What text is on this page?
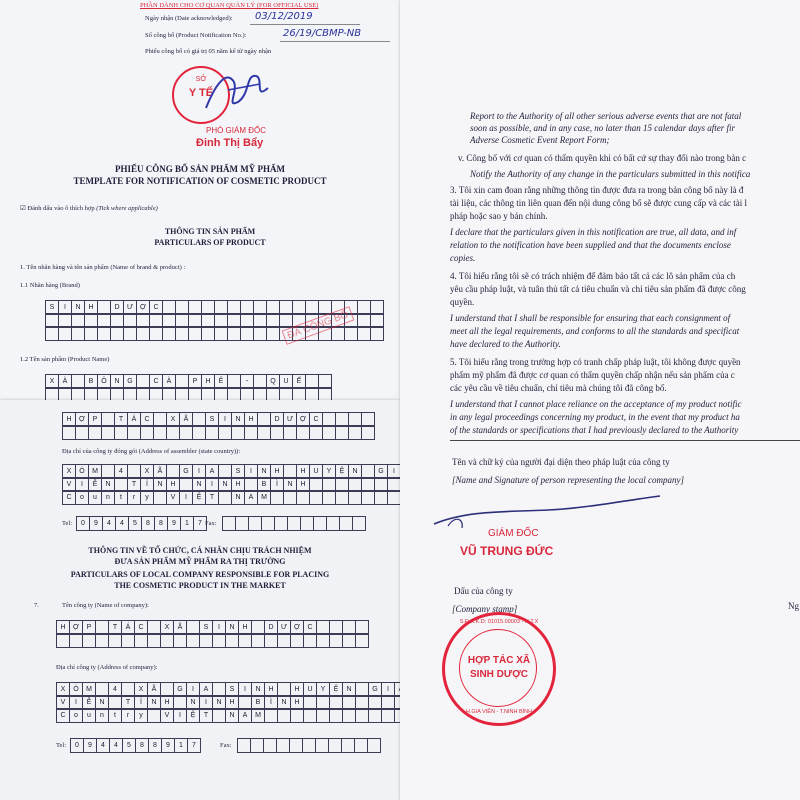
PHẦN DÀNH CHO CƠ QUAN QUẢN LÝ (FOR OFFICIAL USE)
Ngày nhận (Date acknowledged): 03/12/2019
Số công bố (Product Notification No.):	26/19/CBMP-NB
Phiếu công bố có giá trị 05 năm kể từ ngày nhận
SỞ
Y TẾ
PHÓ GIÁM ĐỐC
Đinh Thị Bẩy
PHIẾU CÔNG BỐ SẢN PHẨM MỸ PHẨM
TEMPLATE FOR NOTIFICATION OF COSMETIC PRODUCT
☑ Đánh dấu vào ô thích hợp (Tick where applicable)
THÔNG TIN SẢN PHẨM
PARTICULARS OF PRODUCT
1. Tên nhãn hàng và tên sản phẩm (Name of brand & product) :
1.1 Nhãn hàng (Brand)
S	I	N	H	D	Ư	Ợ	C
ĐÃ CÔNG BỐ
1.2 Tên sản phẩm (Product Name)
X	À	B	Ô	N	G	C	À	P	H	Ê	-	Q	U	Ế
H	Ợ	P	T	Á	C	X	Ã	S	I	N	H	D	Ư	Ợ	C
Địa chỉ của công ty đóng gói (Address of assembler (state country)):
X	Ó	M	4	X	Ã	G	I	A	S	I	N	H	H	U	Y	Ệ	N	G	I
V	I	Ễ	N	T	Ỉ	N	H	N	I	N	H	B	Ì	N	H
C	o	u	n	t	r	y	V	I	Ệ	T	N	A	M
Tel:	0	9	4	4	5	8	8	9	1	7 Fax:
THÔNG TIN VỀ TỔ CHỨC, CÁ NHÂN CHỊU TRÁCH NHIỆM
ĐƯA SẢN PHẨM MỸ PHẨM RA THỊ TRƯỜNG
PARTICULARS OF LOCAL COMPANY RESPONSIBLE FOR PLACING
THE COSMETIC PRODUCT IN THE MARKET
7.	Tên công ty (Name of company):
H	Ợ	P	T	Á	C	X	Ã	S	I	N	H	D	Ư	Ợ	C
Địa chỉ công ty (Address of company):
X	Ó	M	4	X	Ã	G	I	A	S	I	N	H	H	U	Y	Ệ	N	G	I
V	I	Ễ	N	T	Ỉ	N	H	N	I	N	H	B	Ì	N	H
C	o	u	n	t	r	y	V	I	Ệ	T	N	A	M
Tel:	0	9	4	4	5	8	8	9	1	7	Fax:
Report to the Authority of all other serious adverse events that are not fatal
soon as possible, and in any case, no later than 15 calendar days after fir
Adverse Cosmetic Event Report Form;
v. Công bố với cơ quan có thẩm quyền khi có bất cứ sự thay đổi nào trong bản c
Notify the Authority of any change in the particulars submitted in this notifica
3. Tôi xin cam đoan rằng những thông tin được đưa ra trong bản công bố này là đ
tài liệu, các thông tin liên quan đến nội dung công bố sẽ được cung cấp và các tài l
pháp hoặc sao y bản chính.
I declare that the particulars given in this notification are true, all data, and inf
relation to the notification have been supplied and that the documents enclose
copies.
4. Tôi hiểu rằng tôi sẽ có trách nhiệm để đảm bảo tất cả các lô sản phẩm của ch
yêu cầu pháp luật, và tuân thủ tất cả tiêu chuẩn và chỉ tiêu sản phẩm đã được công
quyền.
I understand that I shall be responsible for ensuring that each consignment of
meet all the legal requirements, and conforms to all the standards and specificat
have declared to the Authority.
5. Tôi hiểu rằng trong trường hợp có tranh chấp pháp luật, tôi không được quyền
phẩm mỹ phẩm đã được cơ quan có thẩm quyền chấp nhận nếu sản phẩm của c
các yêu cầu về tiêu chuẩn, chỉ tiêu mà chúng tôi đã công bố.
I understand that I cannot place reliance on the acceptance of my product notific
in any legal proceedings concerning my product, in the event that my product ha
of the standards or specifications that I had previously declared to the Authority
Tên và chữ ký của người đại diện theo pháp luật của công ty
[Name and Signature of person representing the local company]
GIÁM ĐỐC
VŨ TRUNG ĐỨC
Dấu của công ty
[Company stamp]	Ng
HỢP TÁC XÃ
SINH DƯỢC
S.Đ.K.K.D: 01015.00003 - H.T.X
H.GIA VIỄN - T.NINH BÌNH
